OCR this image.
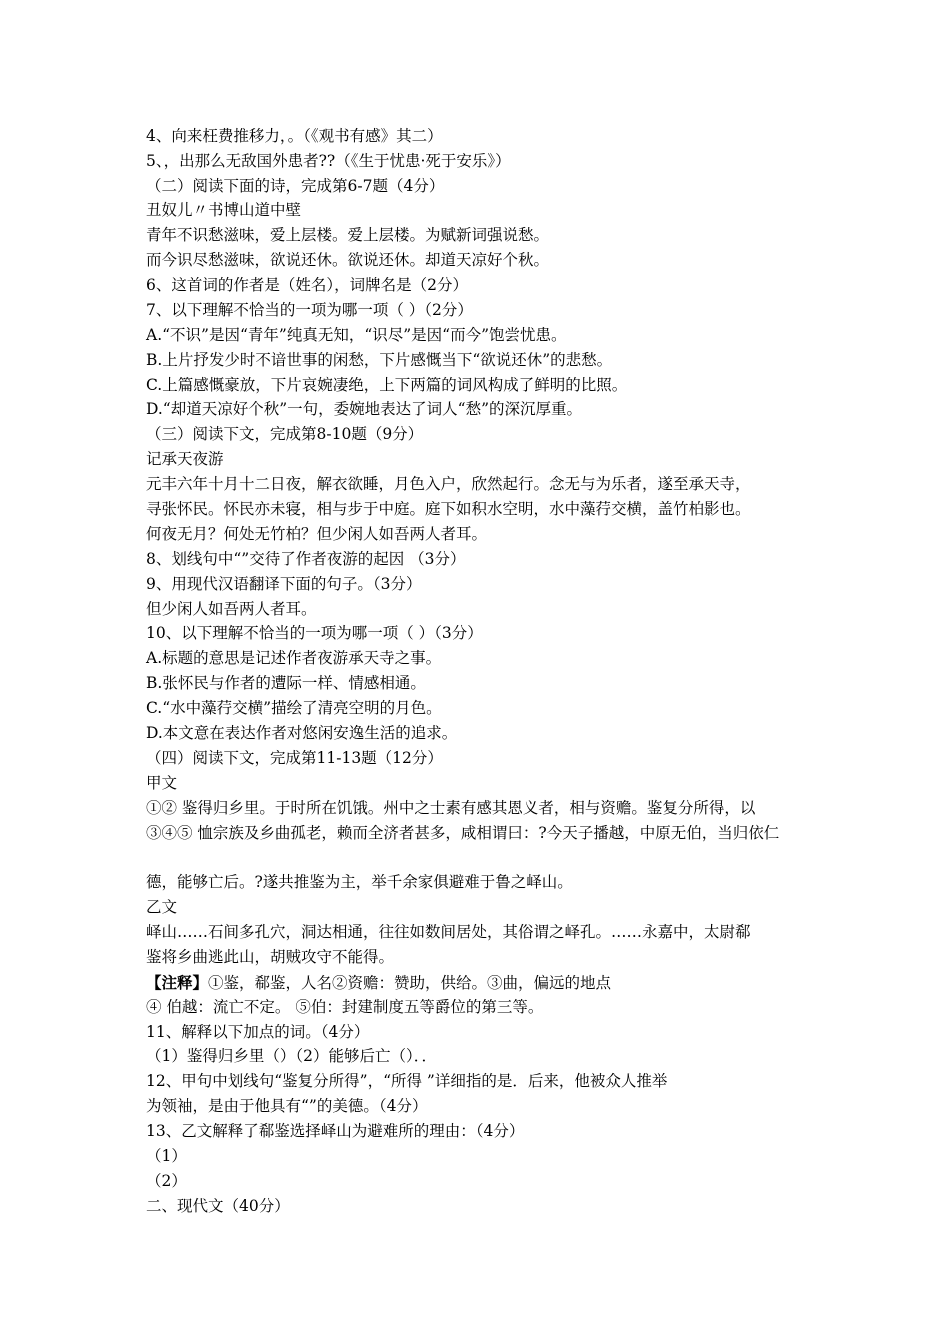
4、向来枉费推移力，。（《观书有感》其二）
5、，出那么无敌国外患者??（《生于忧患·死于安乐》）
（二）阅读下面的诗，完成第6-7题（4分）
丑奴儿〃书博山道中壁
青年不识愁滋味，爱上层楼。爱上层楼。为赋新词强说愁。
而今识尽愁滋味，欲说还休。欲说还休。却道天凉好个秋。
6、这首词的作者是（姓名），词牌名是（2分）
7、以下理解不恰当的一项为哪一项（ ）（2分）
A.“不识”是因“青年”纯真无知，“识尽”是因“而今”饱尝忧患。
B.上片抒发少时不谙世事的闲愁，下片感慨当下“欲说还休”的悲愁。
C.上篇感慨豪放，下片哀婉凄绝，上下两篇的词风构成了鲜明的比照。
D.“却道天凉好个秋”一句，委婉地表达了词人“愁”的深沉厚重。
（三）阅读下文，完成第8-10题（9分）
记承天夜游
元丰六年十月十二日夜，解衣欲睡，月色入户，欣然起行。念无与为乐者，遂至承天寺，
寻张怀民。怀民亦未寝，相与步于中庭。庭下如积水空明，水中藻荇交横，盖竹柏影也。
何夜无月？何处无竹柏？但少闲人如吾两人者耳。
8、划线句中“”交待了作者夜游的起因 （3分）
9、用现代汉语翻译下面的句子。（3分）
但少闲人如吾两人者耳。
10、以下理解不恰当的一项为哪一项（ ）（3分）
A.标题的意思是记述作者夜游承天寺之事。
B.张怀民与作者的遭际一样、情感相通。
C.“水中藻荇交横”描绘了清亮空明的月色。
D.本文意在表达作者对悠闲安逸生活的追求。
（四）阅读下文，完成第11-13题（12分）
甲文
①② 鉴得归乡里。于时所在饥饿。州中之士素有感其恩义者，相与资赡。鉴复分所得，以
③④⑤ 恤宗族及乡曲孤老，赖而全济者甚多，咸相谓曰：?今天子播越，中原无伯，当归依仁
德，能够亡后。?遂共推鉴为主，举千余家俱避难于鲁之峄山。
乙文
峄山……石间多孔穴，洞达相通，往往如数间居处，其俗谓之峄孔。……永嘉中，太尉郗
鉴将乡曲逃此山，胡贼攻守不能得。
【注释】①鉴，郗鉴，人名②资赡：赞助，供给。③曲，偏远的地点
④ 伯越：流亡不定。 ⑤伯：封建制度五等爵位的第三等。
11、解释以下加点的词。（4分）
（1）鉴得归乡里（）（2）能够后亡（）．．
12、甲句中划线句“鉴复分所得”，“所得 ”详细指的是．后来，他被众人推举
为领袖，是由于他具有“”的美德。（4分）
13、乙文解释了郗鉴选择峄山为避难所的理由：（4分）
（1）
（2）
二、现代文（40分）
